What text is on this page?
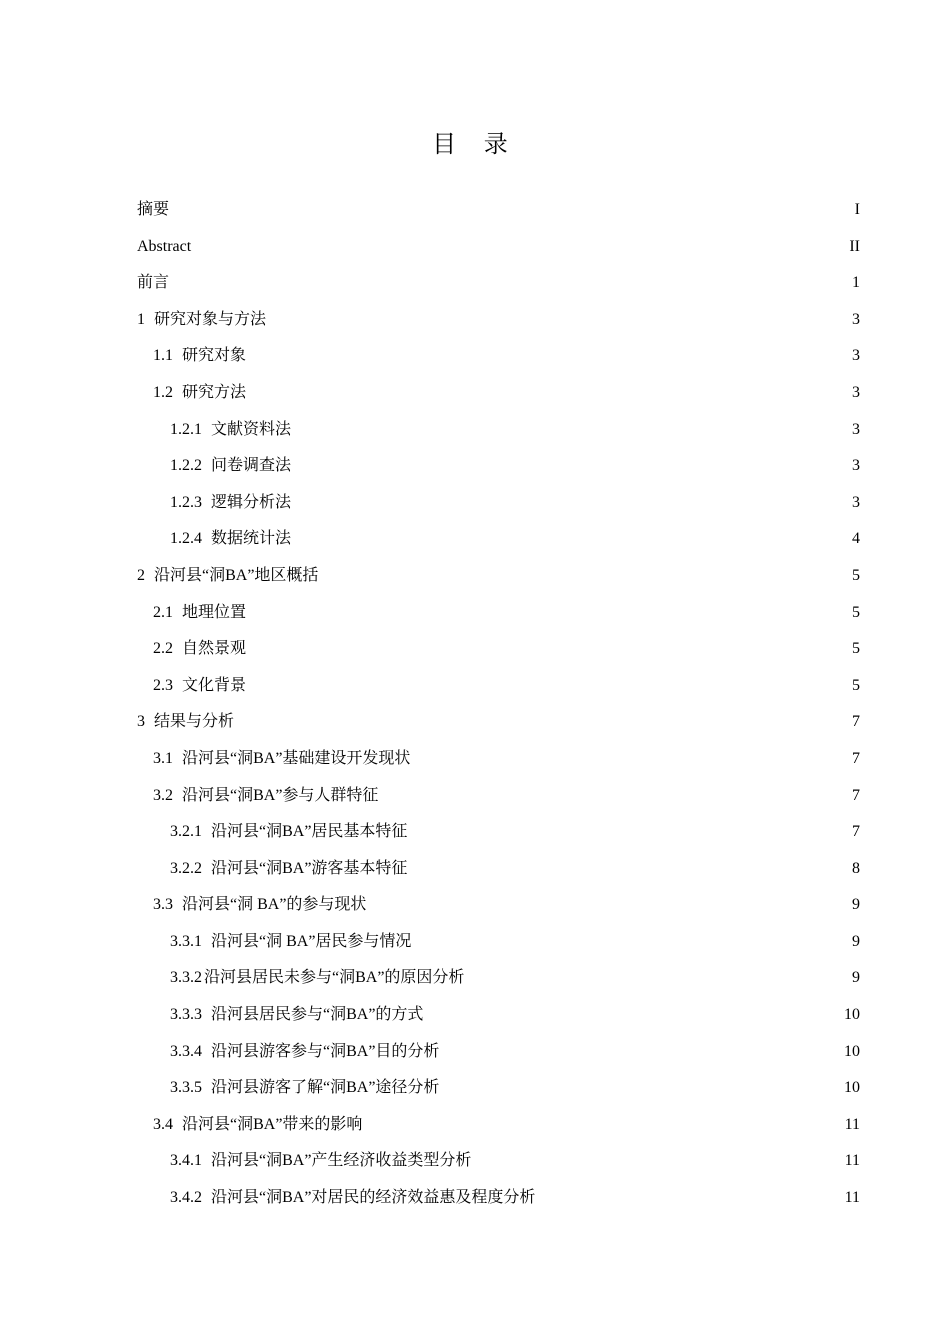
目 录
摘要	I
Abstract	II
前言	1
1 研究对象与方法	3
1.1 研究对象	3
1.2 研究方法	3
1.2.1 文献资料法	3
1.2.2 问卷调查法	3
1.2.3 逻辑分析法	3
1.2.4 数据统计法	4
2 沿河县“洞BA”地区概括	5
2.1 地理位置	5
2.2 自然景观	5
2.3 文化背景	5
3 结果与分析	7
3.1 沿河县“洞BA”基础建设开发现状	7
3.2 沿河县“洞BA”参与人群特征	7
3.2.1 沿河县“洞BA”居民基本特征	7
3.2.2 沿河县“洞BA”游客基本特征	8
3.3 沿河县“洞 BA”的参与现状	9
3.3.1 沿河县“洞 BA”居民参与情况	9
3.3.2 沿河县居民未参与“洞BA”的原因分析	9
3.3.3 沿河县居民参与“洞BA”的方式	10
3.3.4 沿河县游客参与“洞BA”目的分析	10
3.3.5 沿河县游客了解“洞BA”途径分析	10
3.4 沿河县“洞BA”带来的影响	11
3.4.1 沿河县“洞BA”产生经济收益类型分析	11
3.4.2 沿河县“洞BA”对居民的经济效益惠及程度分析	11
